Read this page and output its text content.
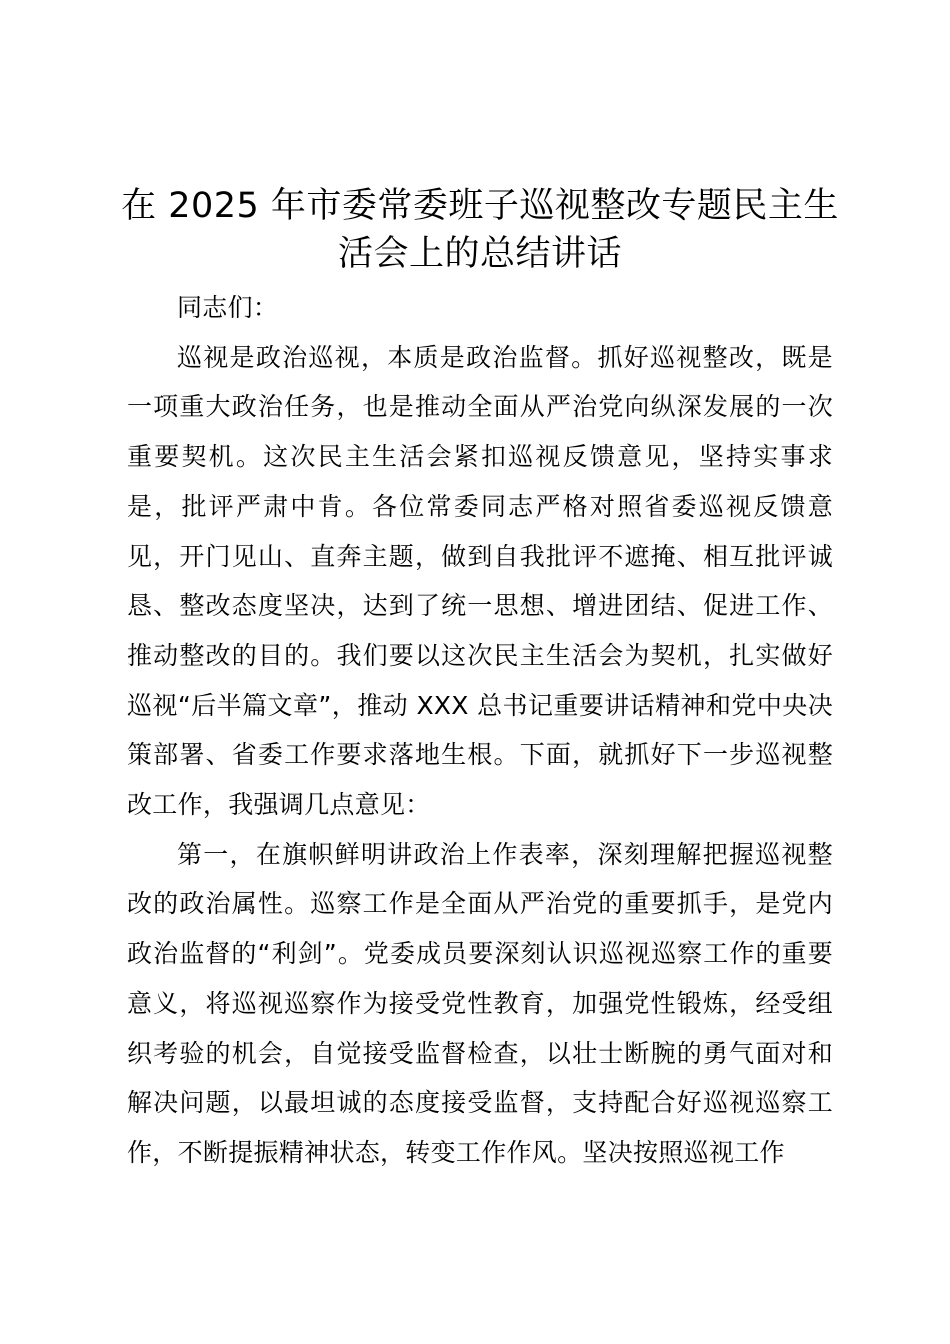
在 2025 年市委常委班子巡视整改专题民主生
活会上的总结讲话

同志们：

巡视是政治巡视，本质是政治监督。抓好巡视整改，既是一项重大政治任务，也是推动全面从严治党向纵深发展的一次重要契机。这次民主生活会紧扣巡视反馈意见，坚持实事求是，批评严肃中肯。各位常委同志严格对照省委巡视反馈意见，开门见山、直奔主题，做到自我批评不遮掩、相互批评诚恳、整改态度坚决，达到了统一思想、增进团结、促进工作、推动整改的目的。我们要以这次民主生活会为契机，扎实做好巡视“后半篇文章”，推动 XXX 总书记重要讲话精神和党中央决策部署、省委工作要求落地生根。下面，就抓好下一步巡视整改工作，我强调几点意见：

第一，在旗帜鲜明讲政治上作表率，深刻理解把握巡视整改的政治属性。巡察工作是全面从严治党的重要抓手，是党内政治监督的“利剑”。党委成员要深刻认识巡视巡察工作的重要意义，将巡视巡察作为接受党性教育，加强党性锻炼，经受组织考验的机会，自觉接受监督检查，以壮士断腕的勇气面对和解决问题，以最坦诚的态度接受监督，支持配合好巡视巡察工作，不断提振精神状态，转变工作作风。坚决按照巡视工作
